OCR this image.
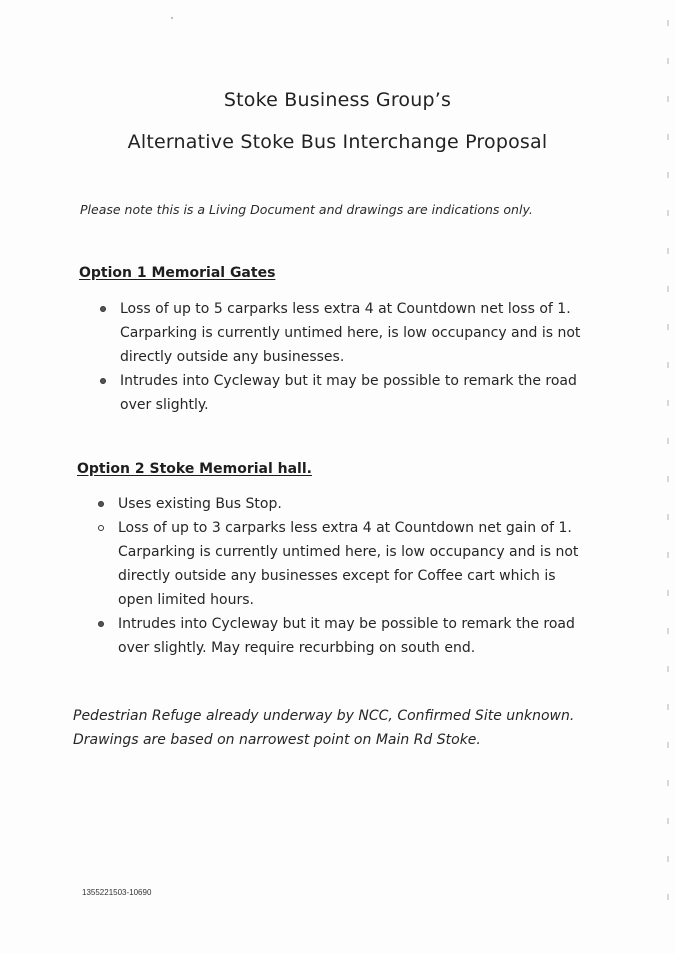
Stoke Business Group’s
Alternative Stoke Bus Interchange Proposal
Please note this is a Living Document and drawings are indications only.
Option 1 Memorial Gates
Loss of up to 5 carparks less extra 4 at Countdown net loss of 1. Carparking is currently untimed here, is low occupancy and is not directly outside any businesses.
Intrudes into Cycleway but it may be possible to remark the road over slightly.
Option 2 Stoke Memorial hall.
Uses existing Bus Stop.
Loss of up to 3 carparks less extra 4 at Countdown net gain of 1. Carparking is currently untimed here, is low occupancy and is not directly outside any businesses except for Coffee cart which is open limited hours.
Intrudes into Cycleway but it may be possible to remark the road over slightly. May require recurbbing on south end.
Pedestrian Refuge already underway by NCC, Confirmed Site unknown. Drawings are based on narrowest point on Main Rd Stoke.
1355221503-10690
